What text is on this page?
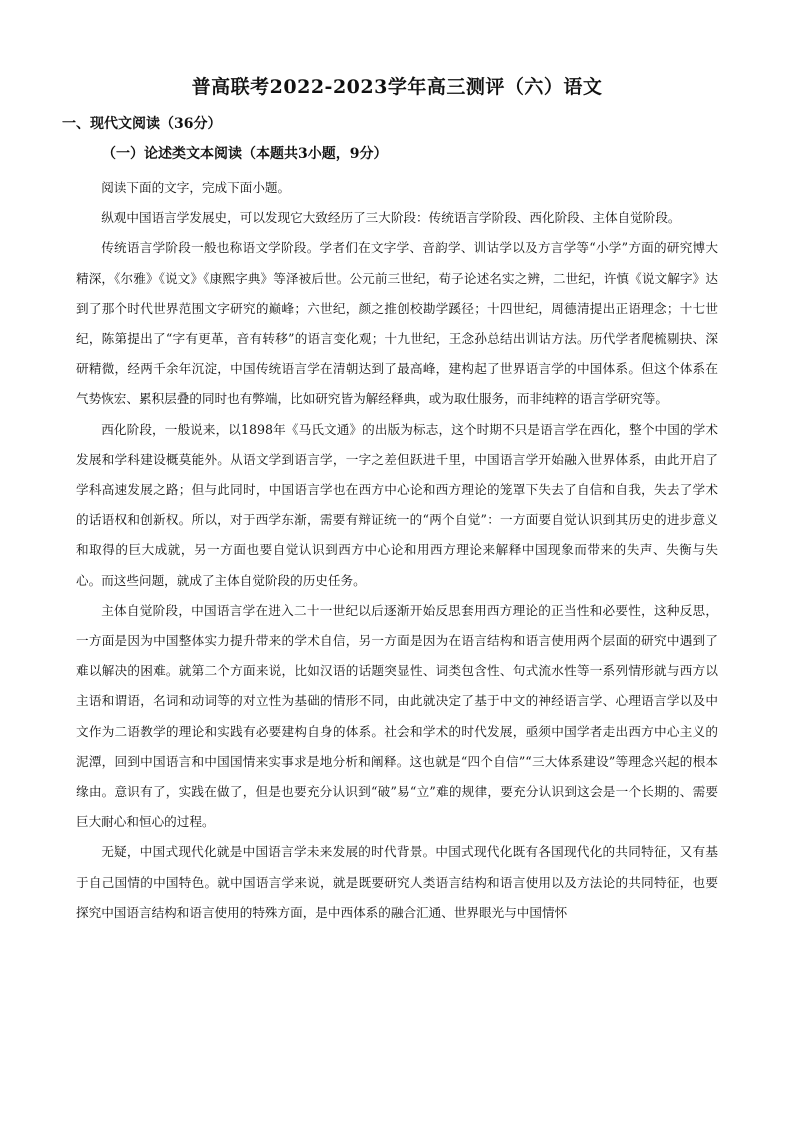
普高联考2022-2023学年高三测评（六）语文
一、现代文阅读（36分）
（一）论述类文本阅读（本题共3小题，9分）

阅读下面的文字，完成下面小题。

纵观中国语言学发展史，可以发现它大致经历了三大阶段：传统语言学阶段、西化阶段、主体自觉阶段。

传统语言学阶段一般也称语文学阶段。学者们在文字学、音韵学、训诂学以及方言学等“小学”方面的研究博大精深，《尔雅》《说文》《康熙字典》等泽被后世。公元前三世纪，荀子论述名实之辨，二世纪，许慎《说文解字》达到了那个时代世界范围文字研究的巅峰；六世纪，颜之推创校勘学蹊径；十四世纪，周德清提出正语理念；十七世纪，陈第提出了“字有更革，音有转移”的语言变化观；十九世纪，王念孙总结出训诂方法。历代学者爬梳剔抉、深研精微，经两千余年沉淀，中国传统语言学在清朝达到了最高峰，建构起了世界语言学的中国体系。但这个体系在气势恢宏、累积层叠的同时也有弊端，比如研究皆为解经释典，或为取仕服务，而非纯粹的语言学研究等。

西化阶段，一般说来，以1898年《马氏文通》的出版为标志，这个时期不只是语言学在西化，整个中国的学术发展和学科建设概莫能外。从语文学到语言学，一字之差但跃进千里，中国语言学开始融入世界体系，由此开启了学科高速发展之路；但与此同时，中国语言学也在西方中心论和西方理论的笼罩下失去了自信和自我，失去了学术的话语权和创新权。所以，对于西学东渐，需要有辩证统一的“两个自觉”：一方面要自觉认识到其历史的进步意义和取得的巨大成就，另一方面也要自觉认识到西方中心论和用西方理论来解释中国现象而带来的失声、失衡与失心。而这些问题，就成了主体自觉阶段的历史任务。

主体自觉阶段，中国语言学在进入二十一世纪以后逐渐开始反思套用西方理论的正当性和必要性，这种反思，一方面是因为中国整体实力提升带来的学术自信，另一方面是因为在语言结构和语言使用两个层面的研究中遇到了难以解决的困难。就第二个方面来说，比如汉语的话题突显性、词类包含性、句式流水性等一系列情形就与西方以主语和谓语，名词和动词等的对立性为基础的情形不同，由此就决定了基于中文的神经语言学、心理语言学以及中文作为二语教学的理论和实践有必要建构自身的体系。社会和学术的时代发展，亟须中国学者走出西方中心主义的泥潭，回到中国语言和中国国情来实事求是地分析和阐释。这也就是“四个自信”“三大体系建设”等理念兴起的根本缘由。意识有了，实践在做了，但是也要充分认识到“破”易“立”难的规律，要充分认识到这会是一个长期的、需要巨大耐心和恒心的过程。

无疑，中国式现代化就是中国语言学未来发展的时代背景。中国式现代化既有各国现代化的共同特征，又有基于自己国情的中国特色。就中国语言学来说，就是既要研究人类语言结构和语言使用以及方法论的共同特征，也要探究中国语言结构和语言使用的特殊方面，是中西体系的融合汇通、世界眼光与中国情怀
